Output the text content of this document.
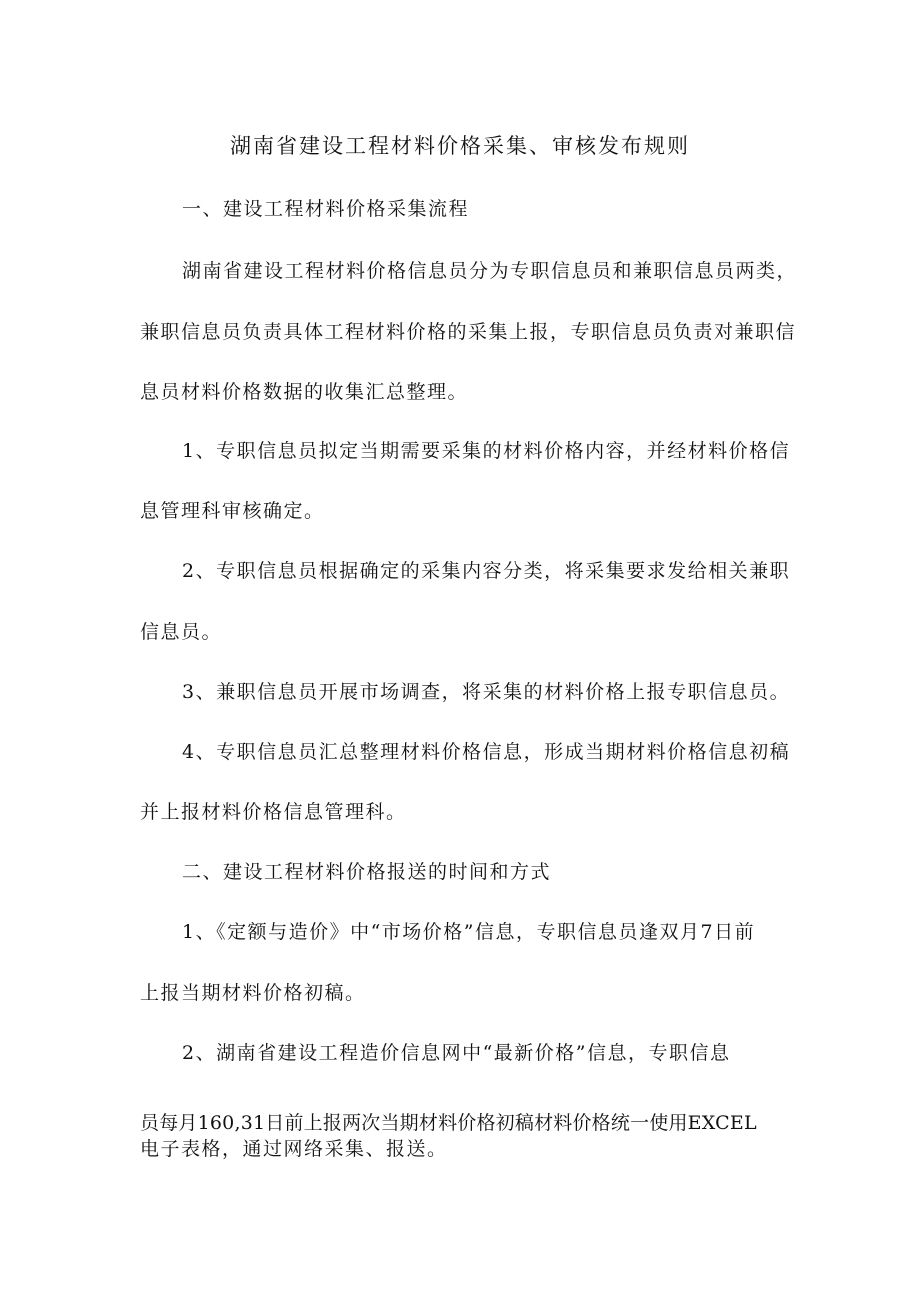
湖南省建设工程材料价格采集、审核发布规则
一、建设工程材料价格采集流程
湖南省建设工程材料价格信息员分为专职信息员和兼职信息员两类，
兼职信息员负责具体工程材料价格的采集上报，专职信息员负责对兼职信
息员材料价格数据的收集汇总整理。
1、专职信息员拟定当期需要采集的材料价格内容，并经材料价格信
息管理科审核确定。
2、专职信息员根据确定的采集内容分类，将采集要求发给相关兼职
信息员。
3、兼职信息员开展市场调查，将采集的材料价格上报专职信息员。
4、专职信息员汇总整理材料价格信息，形成当期材料价格信息初稿
并上报材料价格信息管理科。
二、建设工程材料价格报送的时间和方式
1、《定额与造价》中“市场价格”信息，专职信息员逢双月7日前
上报当期材料价格初稿。
2、湖南省建设工程造价信息网中“最新价格”信息，专职信息
员每月160,31日前上报两次当期材料价格初稿材料价格统一使用EXCEL
电子表格，通过网络采集、报送。
